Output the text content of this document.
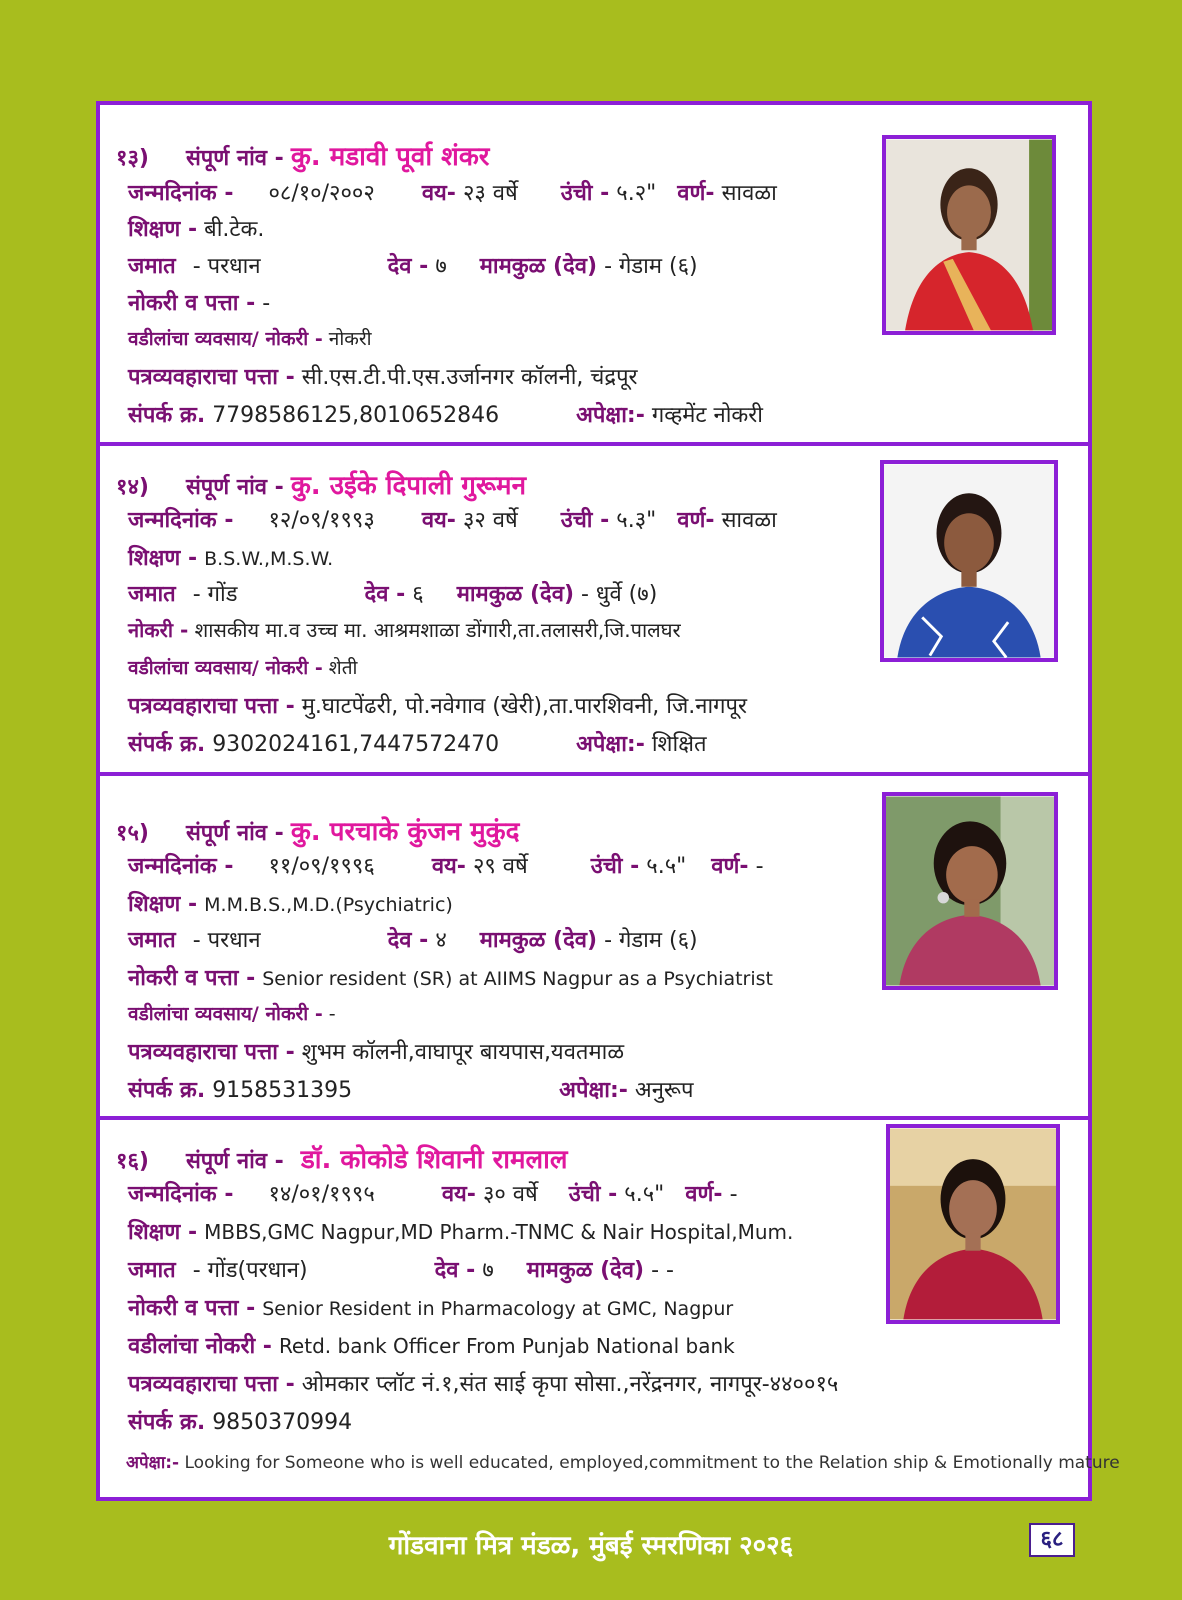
१३) संपूर्ण नांव - कु. मडावी पूर्वा शंकर
जन्मदिनांक - ०८/१०/२००२ वय- २३ वर्षे उंची - ५.२" वर्ण- सावळा
शिक्षण - बी.टेक.
जमात - परधान	देव - ७ मामकुळ (देव) - गेडाम (६)
नोकरी व पत्ता - -
वडीलांचा व्यवसाय/ नोकरी - नोकरी
पत्रव्यवहाराचा पत्ता - सी.एस.टी.पी.एस.उर्जानगर कॉलनी, चंद्रपूर
संपर्क क्र. 7798586125,8010652846	अपेक्षा:- गव्हमेंट नोकरी
१४) संपूर्ण नांव - कु. उईके दिपाली गुरूमन
जन्मदिनांक - १२/०९/१९९३ वय- ३२ वर्षे उंची - ५.३" वर्ण- सावळा
शिक्षण - B.S.W.,M.S.W.
जमात - गोंड	देव - ६ मामकुळ (देव) - धुर्वे (७)
नोकरी - शासकीय मा.व उच्च मा. आश्रमशाळा डोंगारी,ता.तलासरी,जि.पालघर
वडीलांचा व्यवसाय/ नोकरी - शेती
पत्रव्यवहाराचा पत्ता - मु.घाटपेंढरी, पो.नवेगाव (खेरी),ता.पारशिवनी, जि.नागपूर
संपर्क क्र. 9302024161,7447572470	अपेक्षा:- शिक्षित
१५) संपूर्ण नांव - कु. परचाके कुंजन मुकुंद
जन्मदिनांक - ११/०९/१९९६	वय- २९ वर्षे	उंची - ५.५" वर्ण- -
शिक्षण - M.M.B.S.,M.D.(Psychiatric)
जमात - परधान	देव - ४ मामकुळ (देव) - गेडाम (६)
नोकरी व पत्ता - Senior resident (SR) at AIIMS Nagpur as a Psychiatrist
वडीलांचा व्यवसाय/ नोकरी - -
पत्रव्यवहाराचा पत्ता - शुभम कॉलनी,वाघापूर बायपास,यवतमाळ
संपर्क क्र. 9158531395	अपेक्षा:- अनुरूप
१६) संपूर्ण नांव - डॉ. कोकोडे शिवानी रामलाल
जन्मदिनांक - १४/०१/१९९५	वय- ३० वर्षे उंची - ५.५" वर्ण- -
शिक्षण - MBBS,GMC Nagpur,MD Pharm.-TNMC & Nair Hospital,Mum.
जमात - गोंड(परधान)	देव - ७ मामकुळ (देव) - -
नोकरी व पत्ता - Senior Resident in Pharmacology at GMC, Nagpur
वडीलांचा नोकरी - Retd. bank Officer From Punjab National bank
पत्रव्यवहाराचा पत्ता - ओमकार प्लॉट नं.१,संत साई कृपा सोसा.,नरेंद्रनगर, नागपूर-४४००१५
संपर्क क्र. 9850370994
अपेक्षा:- Looking for Someone who is well educated, employed,commitment to the Relation ship & Emotionally mature
गोंडवाना मित्र मंडळ, मुंबई स्मरणिका २०२६	६८
